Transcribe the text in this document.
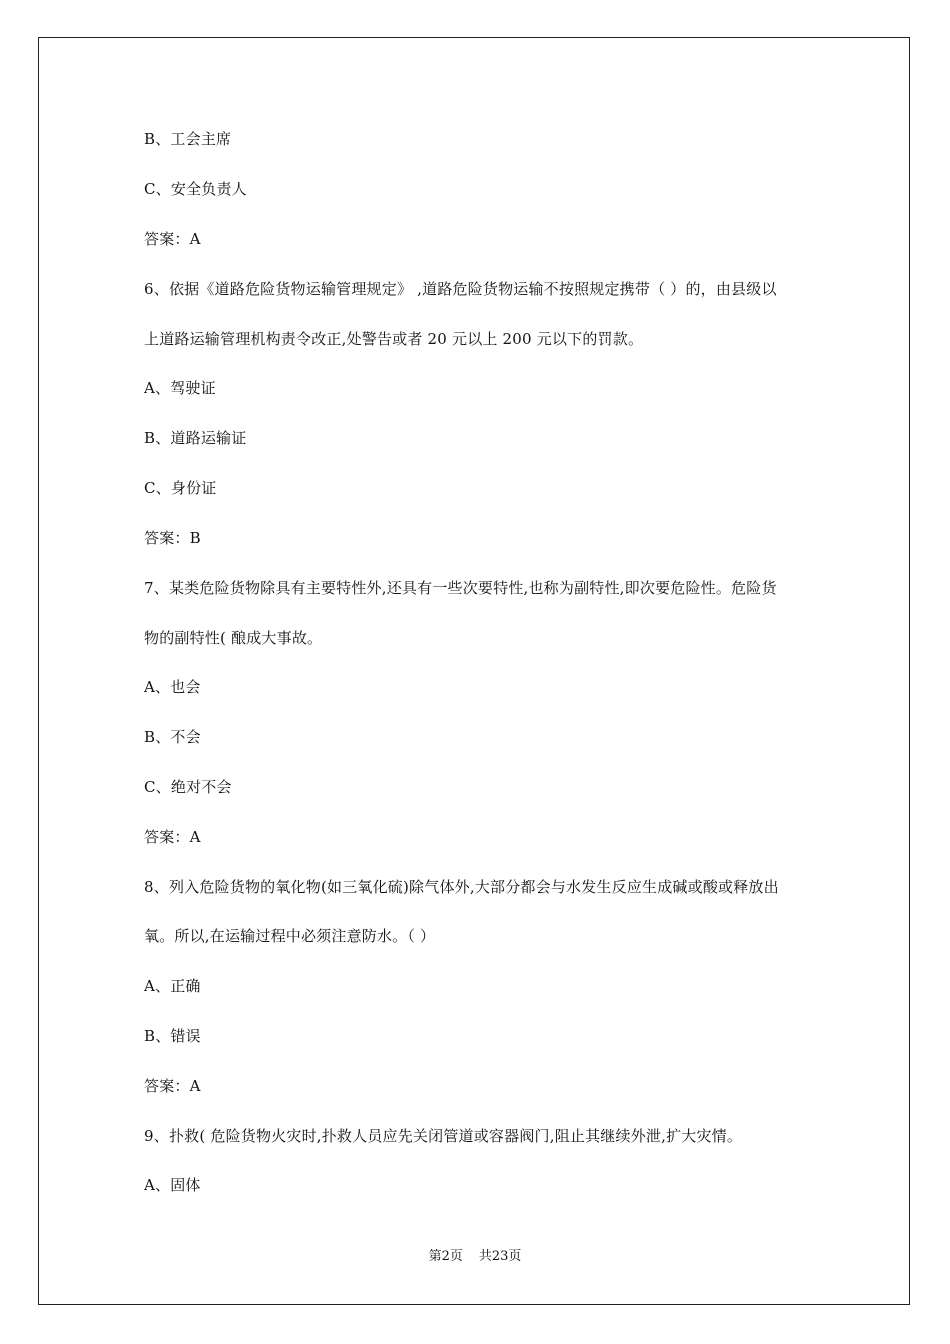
B、工会主席
C、安全负责人
答案：A
6、依据《道路危险货物运输管理规定》 ,道路危险货物运输不按照规定携带（ ）的，由县级以
上道路运输管理机构责令改正,处警告或者 20 元以上 200 元以下的罚款。
A、驾驶证
B、道路运输证
C、身份证
答案：B
7、某类危险货物除具有主要特性外,还具有一些次要特性,也称为副特性,即次要危险性。危险货
物的副特性( 酿成大事故。
A、也会
B、不会
C、绝对不会
答案：A
8、列入危险货物的氧化物(如三氧化硫)除气体外,大部分都会与水发生反应生成碱或酸或释放出
氧。所以,在运输过程中必须注意防水。（ ）
A、正确
B、错误
答案：A
9、扑救( 危险货物火灾时,扑救人员应先关闭管道或容器阀门,阻止其继续外泄,扩大灾情。
A、固体
第2页 共23页
